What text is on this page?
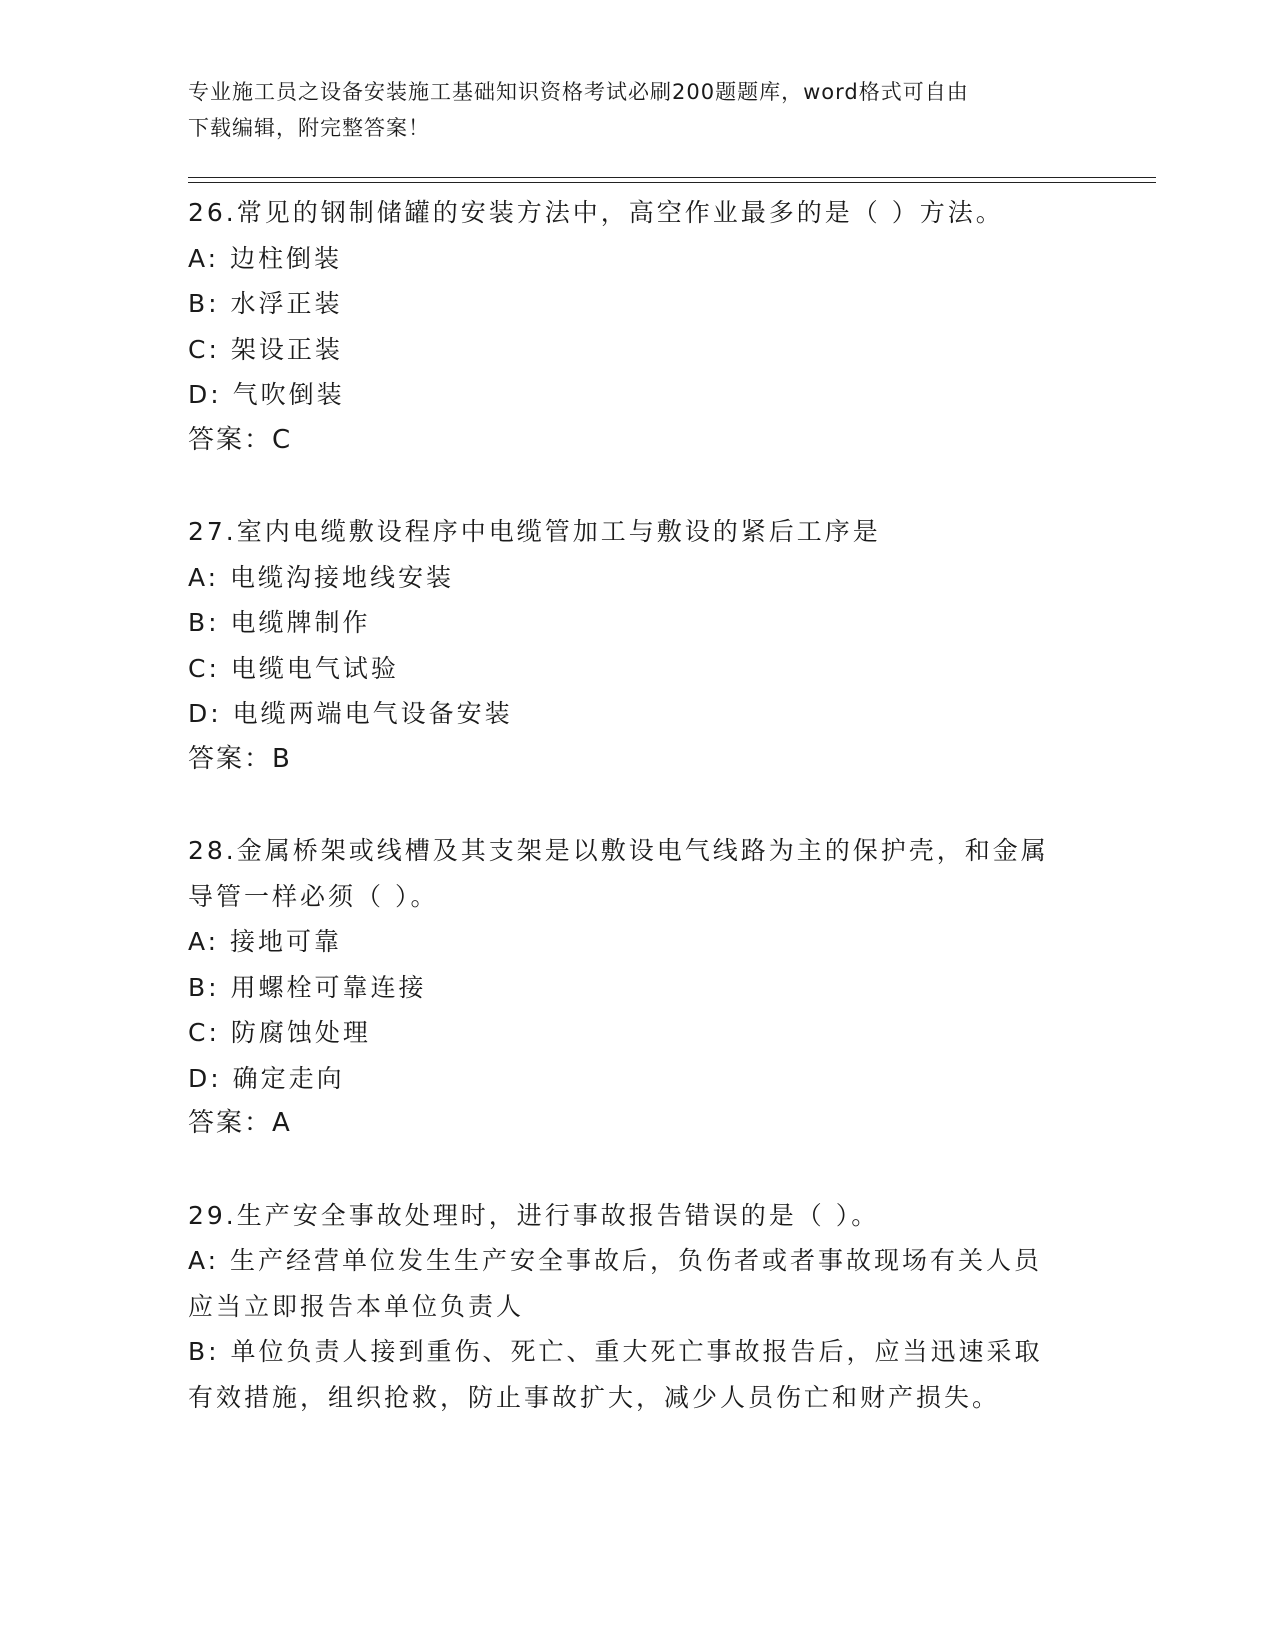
专业施工员之设备安装施工基础知识资格考试必刷200题题库，word格式可自由
下载编辑，附完整答案！

26.常见的钢制储罐的安装方法中，高空作业最多的是（ ）方法。

A: 边柱倒装

B: 水浮正装

C: 架设正装

D: 气吹倒装

答案：C

27.室内电缆敷设程序中电缆管加工与敷设的紧后工序是

A: 电缆沟接地线安装

B: 电缆牌制作

C: 电缆电气试验

D: 电缆两端电气设备安装

答案：B

28.金属桥架或线槽及其支架是以敷设电气线路为主的保护壳，和金属

导管一样必须（ ）。

A: 接地可靠

B: 用螺栓可靠连接

C: 防腐蚀处理

D: 确定走向

答案：A

29.生产安全事故处理时，进行事故报告错误的是（ ）。

A: 生产经营单位发生生产安全事故后，负伤者或者事故现场有关人员

应当立即报告本单位负责人

B: 单位负责人接到重伤、死亡、重大死亡事故报告后，应当迅速采取

有效措施，组织抢救，防止事故扩大，减少人员伤亡和财产损失。
